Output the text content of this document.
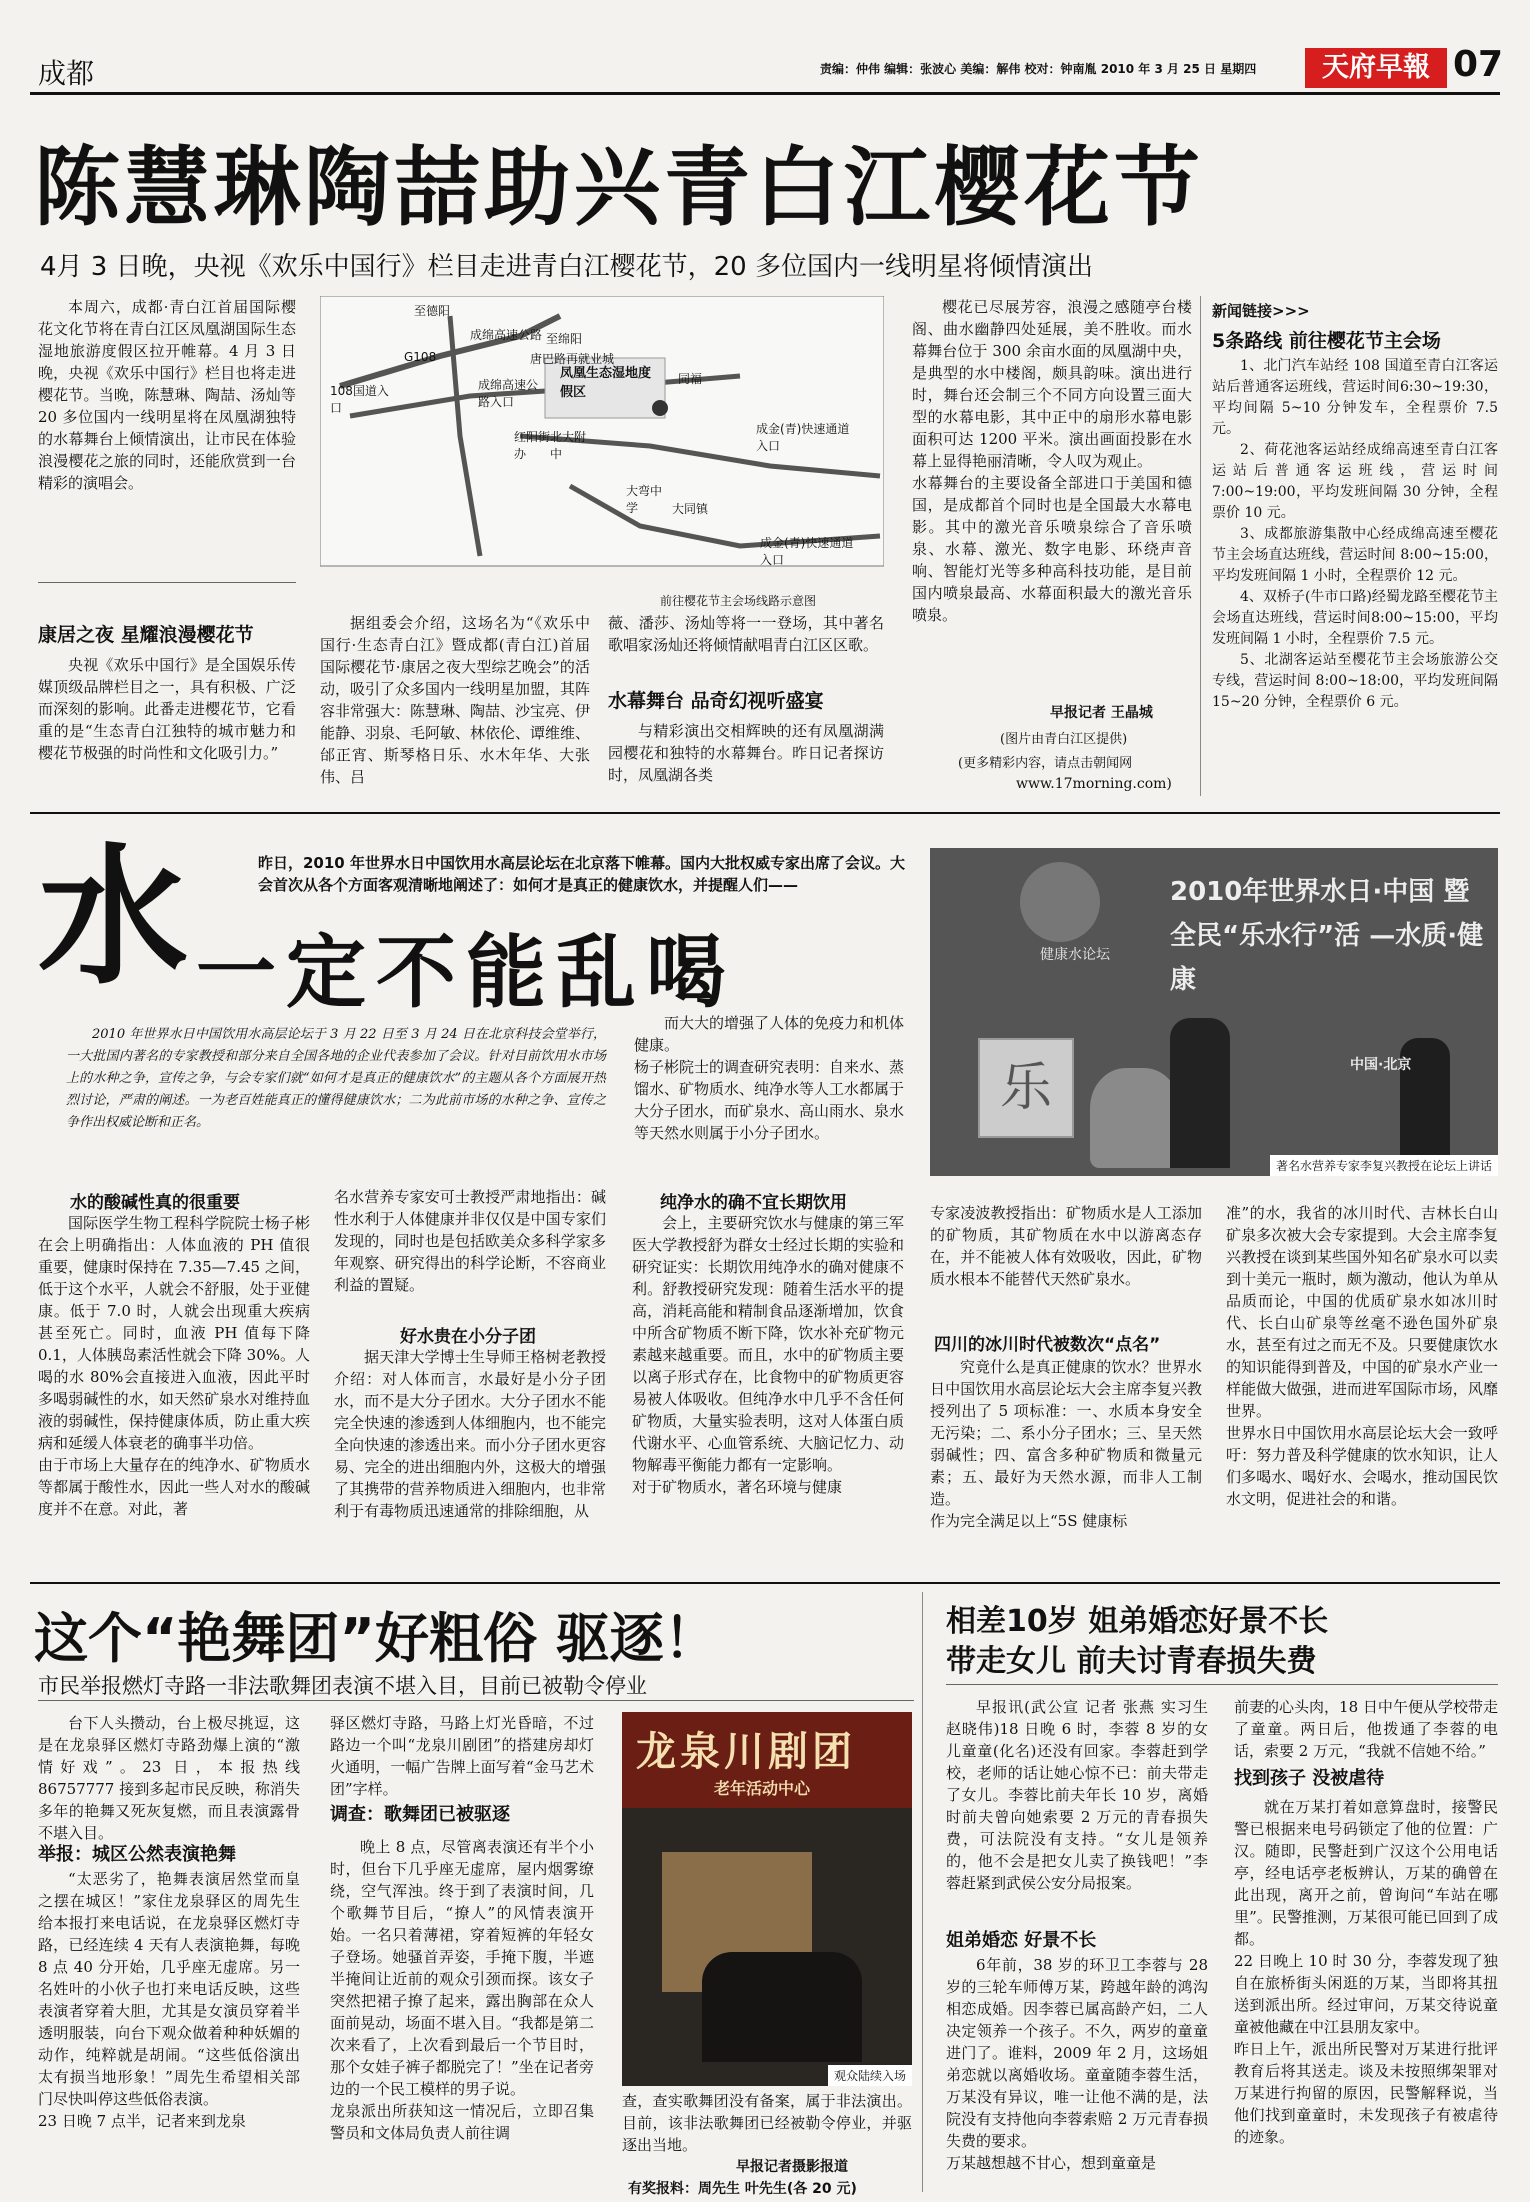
成都	责编：仲伟 编辑：张波心 美编：解伟 校对：钟南胤 2010 年 3 月 25 日 星期四	天府早報 07
陈慧琳陶喆助兴青白江樱花节
4月 3 日晚，央视《欢乐中国行》栏目走进青白江樱花节，20 多位国内一线明星将倾情演出
本周六，成都·青白江首届国际樱花文化节将在青白江区凤凰湖国际生态湿地旅游度假区拉开帷幕。4 月 3 日晚，央视《欢乐中国行》栏目也将走进樱花节。当晚，陈慧琳、陶喆、汤灿等 20 多位国内一线明星将在凤凰湖独特的水幕舞台上倾情演出，让市民在体验浪漫樱花之旅的同时，还能欣赏到一台精彩的演唱会。
康居之夜 星耀浪漫樱花节
央视《欢乐中国行》是全国娱乐传媒顶级品牌栏目之一，具有积极、广泛而深刻的影响。此番走进樱花节，它看重的是“生态青白江独特的城市魅力和樱花节极强的时尚性和文化吸引力。”
至德阳
至绵阳
G108
成绵高速公路
唐巴路再就业城
凤凰生态湿地度假区
同福
108国道入口
成绵高速公路入口
红阳街办
北大附中
成金(青)快速通道入口
大弯中学	大同镇
成金(青)快速通道入口
前往樱花节主会场线路示意图
据组委会介绍，这场名为“《欢乐中国行·生态青白江》暨成都(青白江)首届国际樱花节·康居之夜大型综艺晚会”的活动，吸引了众多国内一线明星加盟，其阵容非常强大：陈慧琳、陶喆、沙宝亮、伊能静、羽泉、毛阿敏、林依伦、谭维维、邰正宵、斯琴格日乐、水木年华、大张伟、吕
薇、潘莎、汤灿等将一一登场，其中著名歌唱家汤灿还将倾情献唱青白江区区歌。
水幕舞台 品奇幻视听盛宴
与精彩演出交相辉映的还有凤凰湖满园樱花和独特的水幕舞台。昨日记者探访时，凤凰湖各类
樱花已尽展芳容，浪漫之感随亭台楼阁、曲水幽静四处延展，美不胜收。而水幕舞台位于 300 余亩水面的凤凰湖中央，是典型的水中楼阁，颇具韵味。演出进行时，舞台还会制三个不同方向设置三面大型的水幕电影，其中正中的扇形水幕电影面积可达 1200 平米。演出画面投影在水幕上显得艳丽清晰，令人叹为观止。
水幕舞台的主要设备全部进口于美国和德国，是成都首个同时也是全国最大水幕电影。其中的激光音乐喷泉综合了音乐喷泉、水幕、激光、数字电影、环绕声音响、智能灯光等多种高科技功能，是目前国内喷泉最高、水幕面积最大的激光音乐喷泉。
早报记者 王晶城
(图片由青白江区提供)
(更多精彩内容，请点击朝闻网
www.17morning.com)
新闻链接>>>
5条路线 前往樱花节主会场
1、北门汽车站经 108 国道至青白江客运站后普通客运班线，营运时间6:30~19:30，平均间隔 5~10 分钟发车，全程票价 7.5 元。
2、荷花池客运站经成绵高速至青白江客运站后普通客运班线，营运时间 7:00~19:00，平均发班间隔 30 分钟，全程票价 10 元。
3、成都旅游集散中心经成绵高速至樱花节主会场直达班线，营运时间 8:00~15:00，平均发班间隔 1 小时，全程票价 12 元。
4、双桥子(牛市口路)经蜀龙路至樱花节主会场直达班线，营运时间8:00~15:00，平均发班间隔 1 小时，全程票价 7.5 元。
5、北湖客运站至樱花节主会场旅游公交专线，营运时间 8:00~18:00，平均发班间隔 15~20 分钟，全程票价 6 元。
水 一定不能乱喝
昨日，2010 年世界水日中国饮用水高层论坛在北京落下帷幕。国内大批权威专家出席了会议。大会首次从各个方面客观清晰地阐述了：如何才是真正的健康饮水，并提醒人们——
2010 年世界水日中国饮用水高层论坛于 3 月 22 日至 3 月 24 日在北京科技会堂举行，一大批国内著名的专家教授和部分来自全国各地的企业代表参加了会议。针对目前饮用水市场上的水种之争，宣传之争，与会专家们就“如何才是真正的健康饮水”的主题从各个方面展开热烈讨论，严肃的阐述。一为老百姓能真正的懂得健康饮水；二为此前市场的水种之争、宣传之争作出权威论断和正名。
而大大的增强了人体的免疫力和机体健康。
杨子彬院士的调查研究表明：自来水、蒸馏水、矿物质水、纯净水等人工水都属于大分子团水，而矿泉水、高山雨水、泉水等天然水则属于小分子团水。
健康水论坛
2010年世界水日·中国 暨全民“乐水行”活 —水质·健康
乐	中国·北京
著名水营养专家李复兴教授在论坛上讲话
水的酸碱性真的很重要
国际医学生物工程科学院院士杨子彬在会上明确指出：人体血液的 PH 值很重要，健康时保持在 7.35—7.45 之间，低于这个水平，人就会不舒服，处于亚健康。低于 7.0 时，人就会出现重大疾病甚至死亡。同时，血液 PH 值每下降 0.1，人体胰岛素活性就会下降 30%。人喝的水 80%会直接进入血液，因此平时多喝弱碱性的水，如天然矿泉水对维持血液的弱碱性，保持健康体质，防止重大疾病和延缓人体衰老的确事半功倍。
由于市场上大量存在的纯净水、矿物质水等都属于酸性水，因此一些人对水的酸碱度并不在意。对此，著
名水营养专家安可士教授严肃地指出：碱性水利于人体健康并非仅仅是中国专家们发现的，同时也是包括欧美众多科学家多年观察、研究得出的科学论断，不容商业利益的置疑。
好水贵在小分子团
据天津大学博士生导师王格树老教授介绍：对人体而言，水最好是小分子团水，而不是大分子团水。大分子团水不能完全快速的渗透到人体细胞内，也不能完全向快速的渗透出来。而小分子团水更容易、完全的进出细胞内外，这极大的增强了其携带的营养物质进入细胞内，也非常利于有毒物质迅速通常的排除细胞，从
纯净水的确不宜长期饮用
会上，主要研究饮水与健康的第三军医大学教授舒为群女士经过长期的实验和研究证实：长期饮用纯净水的确对健康不利。舒教授研究发现：随着生活水平的提高，消耗高能和精制食品逐渐增加，饮食中所含矿物质不断下降，饮水补充矿物元素越来越重要。而且，水中的矿物质主要以离子形式存在，比食物中的矿物质更容易被人体吸收。但纯净水中几乎不含任何矿物质，大量实验表明，这对人体蛋白质代谢水平、心血管系统、大脑记忆力、动物解毒平衡能力都有一定影响。
对于矿物质水，著名环境与健康
专家凌波教授指出：矿物质水是人工添加的矿物质，其矿物质在水中以游离态存在，并不能被人体有效吸收，因此，矿物质水根本不能替代天然矿泉水。
四川的冰川时代被数次“点名”
究竟什么是真正健康的饮水？世界水日中国饮用水高层论坛大会主席李复兴教授列出了 5 项标准：一、水质本身安全无污染；二、系小分子团水；三、呈天然弱碱性；四、富含多种矿物质和微量元素；五、最好为天然水源，而非人工制造。
作为完全满足以上“5S 健康标
准”的水，我省的冰川时代、吉林长白山矿泉多次被大会专家提到。大会主席李复兴教授在谈到某些国外知名矿泉水可以卖到十美元一瓶时，颇为激动，他认为单从品质而论，中国的优质矿泉水如冰川时代、长白山矿泉等丝毫不逊色国外矿泉水，甚至有过之而无不及。只要健康饮水的知识能得到普及，中国的矿泉水产业一样能做大做强，进而进军国际市场，风靡世界。
世界水日中国饮用水高层论坛大会一致呼吁：努力普及科学健康的饮水知识，让人们多喝水、喝好水、会喝水，推动国民饮水文明，促进社会的和谐。
这个“艳舞团”好粗俗 驱逐！
市民举报燃灯寺路一非法歌舞团表演不堪入目，目前已被勒令停业
台下人头攒动，台上极尽挑逗，这是在龙泉驿区燃灯寺路劲爆上演的“激情好戏”。23 日，本报热线 86757777 接到多起市民反映，称消失多年的艳舞又死灰复燃，而且表演露骨不堪入目。
举报：城区公然表演艳舞
“太恶劣了，艳舞表演居然堂而皇之摆在城区！”家住龙泉驿区的周先生给本报打来电话说，在龙泉驿区燃灯寺路，已经连续 4 天有人表演艳舞，每晚 8 点 40 分开始，几乎座无虚席。另一名姓叶的小伙子也打来电话反映，这些表演者穿着大胆，尤其是女演员穿着半透明服装，向台下观众做着种种妖媚的动作，纯粹就是胡闹。“这些低俗演出太有损当地形象！”周先生希望相关部门尽快叫停这些低俗表演。
23 日晚 7 点半，记者来到龙泉
驿区燃灯寺路，马路上灯光昏暗，不过路边一个叫“龙泉川剧团”的搭建房却灯火通明，一幅广告牌上面写着“金马艺术团”字样。
调查：歌舞团已被驱逐
晚上 8 点，尽管离表演还有半个小时，但台下几乎座无虚席，屋内烟雾缭绕，空气浑浊。终于到了表演时间，几个歌舞节目后，“撩人”的风情表演开始。一名只着薄裙，穿着短裤的年轻女子登场。她骚首弄姿，手掩下腹，半遮半掩间让近前的观众引颈而探。该女子突然把裙子撩了起来，露出胸部在众人面前晃动，场面不堪入目。“我都是第二次来看了，上次看到最后一个节目时，那个女娃子裤子都脱完了！”坐在记者旁边的一个民工模样的男子说。
龙泉派出所获知这一情况后，立即召集警员和文体局负责人前往调
龙泉川剧团
老年活动中心
观众陆续入场
查，查实歌舞团没有备案，属于非法演出。目前，该非法歌舞团已经被勒令停业，并驱逐出当地。
早报记者摄影报道
有奖报料：周先生 叶先生(各 20 元)
相差10岁 姐弟婚恋好景不长
带走女儿 前夫讨青春损失费
早报讯(武公宣 记者 张燕 实习生 赵晓伟)18 日晚 6 时，李蓉 8 岁的女儿童童(化名)还没有回家。李蓉赶到学校，老师的话让她心惊不已：前夫带走了女儿。李蓉比前夫年长 10 岁，离婚时前夫曾向她索要 2 万元的青春损失费，可法院没有支持。“女儿是领养的，他不会是把女儿卖了换钱吧！”李蓉赶紧到武侯公安分局报案。
姐弟婚恋 好景不长
6年前，38 岁的环卫工李蓉与 28 岁的三轮车师傅万某，跨越年龄的鸿沟相恋成婚。因李蓉已属高龄产妇，二人决定领养一个孩子。不久，两岁的童童进门了。谁料，2009 年 2 月，这场姐弟恋就以离婚收场。童童随李蓉生活，万某没有异议，唯一让他不满的是，法院没有支持他向李蓉索赔 2 万元青春损失费的要求。
万某越想越不甘心，想到童童是
前妻的心头肉，18 日中午便从学校带走了童童。两日后，他拨通了李蓉的电话，索要 2 万元，“我就不信她不给。”
找到孩子 没被虐待
就在万某打着如意算盘时，接警民警已根据来电号码锁定了他的位置：广汉。随即，民警赶到广汉这个公用电话亭，经电话亭老板辨认，万某的确曾在此出现，离开之前，曾询问“车站在哪里”。民警推测，万某很可能已回到了成都。
22 日晚上 10 时 30 分，李蓉发现了独自在旅桥街头闲逛的万某，当即将其扭送到派出所。经过审问，万某交待说童童被他藏在中江县朋友家中。
昨日上午，派出所民警对万某进行批评教育后将其送走。谈及未按照绑架罪对万某进行拘留的原因，民警解释说，当他们找到童童时，未发现孩子有被虐待的迹象。
